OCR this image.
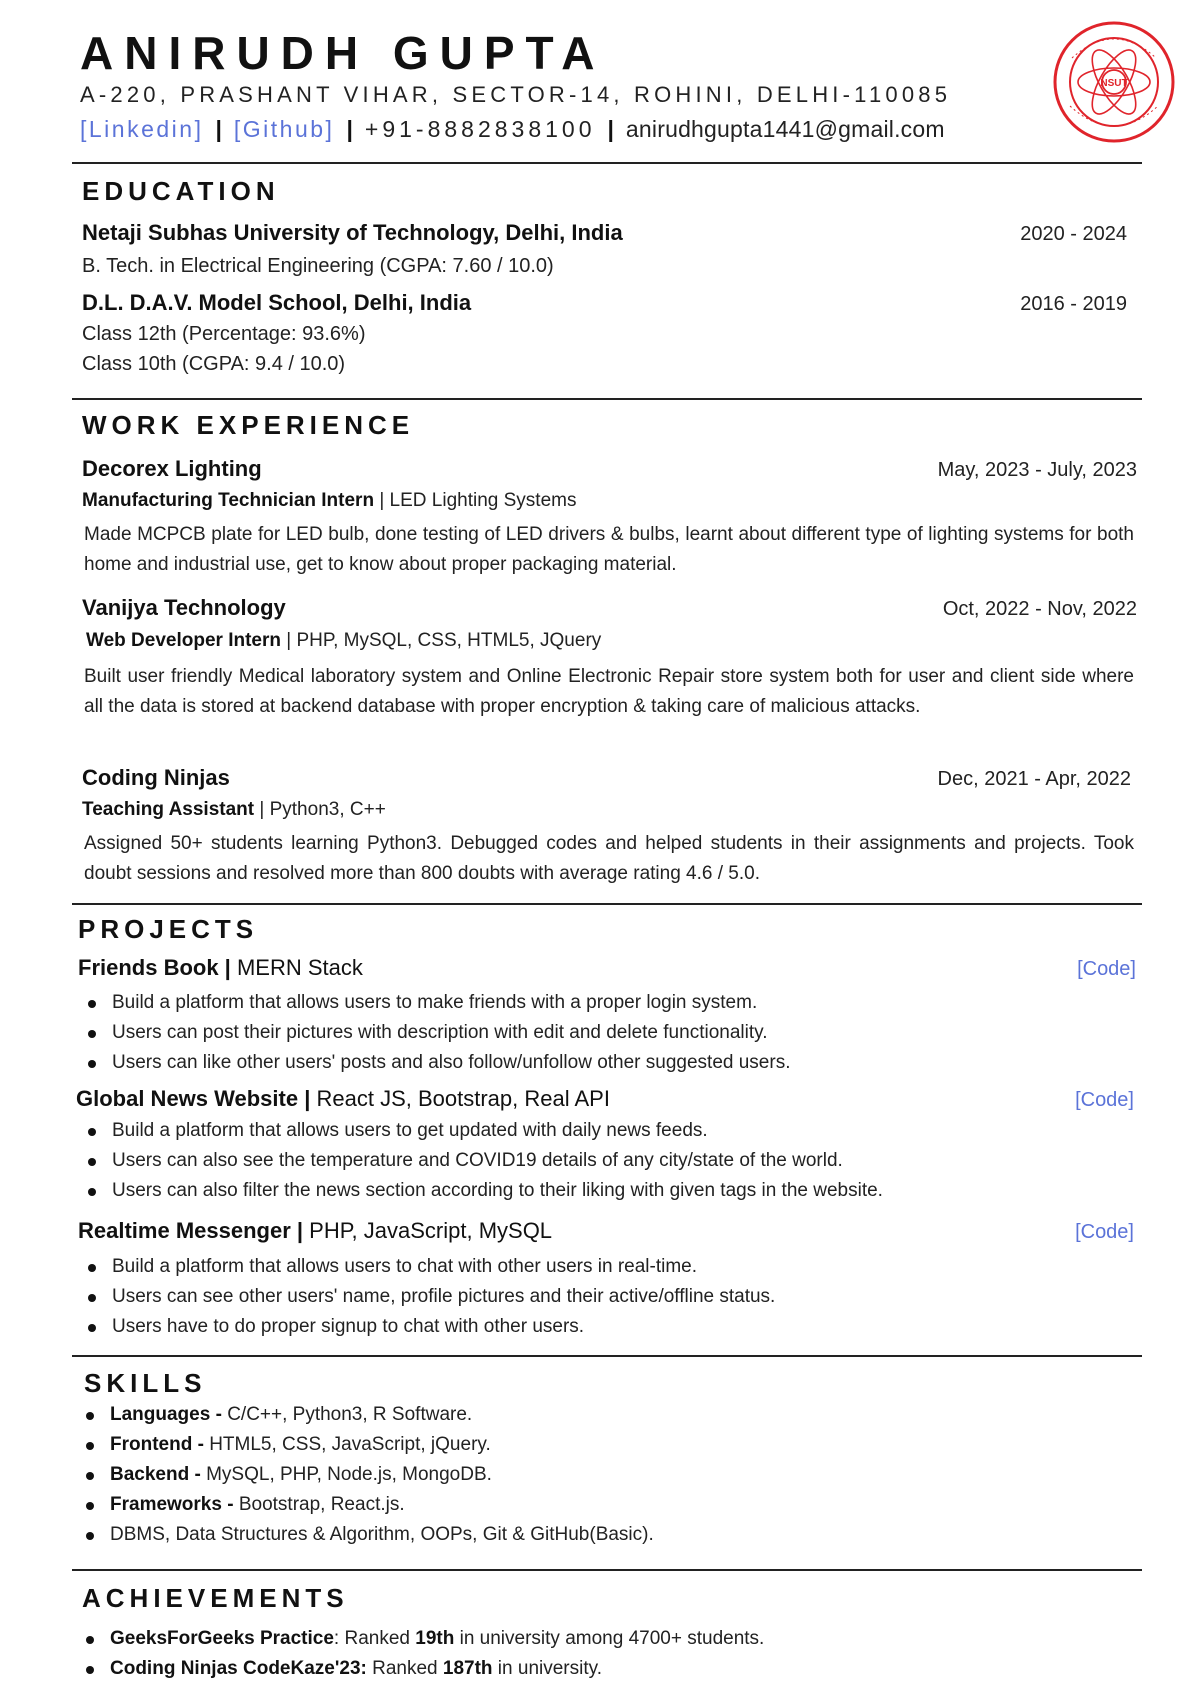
ANIRUDH GUPTA
A-220, PRASHANT VIHAR, SECTOR-14, ROHINI, DELHI-110085
[Linkedin] | [Github] | +91-8882838100 | anirudhgupta1441@gmail.com
NSUT
EDUCATION
Netaji Subhas University of Technology, Delhi, India	2020 - 2024
B. Tech. in Electrical Engineering (CGPA: 7.60 / 10.0)
D.L. D.A.V. Model School, Delhi, India	2016 - 2019
Class 12th (Percentage: 93.6%)
Class 10th (CGPA: 9.4 / 10.0)
WORK EXPERIENCE
Decorex Lighting	May, 2023 - July, 2023
Manufacturing Technician Intern | LED Lighting Systems
Made MCPCB plate for LED bulb, done testing of LED drivers & bulbs, learnt about different type of lighting systems for both home and industrial use, get to know about proper packaging material.
Vanijya Technology	Oct, 2022 - Nov, 2022
Web Developer Intern | PHP, MySQL, CSS, HTML5, JQuery
Built user friendly Medical laboratory system and Online Electronic Repair store system both for user and client side where all the data is stored at backend database with proper encryption & taking care of malicious attacks.
Coding Ninjas	Dec, 2021 - Apr, 2022
Teaching Assistant | Python3, C++
Assigned 50+ students learning Python3. Debugged codes and helped students in their assignments and projects. Took doubt sessions and resolved more than 800 doubts with average rating 4.6 / 5.0.
PROJECTS
Friends Book | MERN Stack	[Code]
Build a platform that allows users to make friends with a proper login system.
Users can post their pictures with description with edit and delete functionality.
Users can like other users' posts and also follow/unfollow other suggested users.
Global News Website | React JS, Bootstrap, Real API	[Code]
Build a platform that allows users to get updated with daily news feeds.
Users can also see the temperature and COVID19 details of any city/state of the world.
Users can also filter the news section according to their liking with given tags in the website.
Realtime Messenger | PHP, JavaScript, MySQL	[Code]
Build a platform that allows users to chat with other users in real-time.
Users can see other users' name, profile pictures and their active/offline status.
Users have to do proper signup to chat with other users.
SKILLS
Languages - C/C++, Python3, R Software.
Frontend - HTML5, CSS, JavaScript, jQuery.
Backend - MySQL, PHP, Node.js, MongoDB.
Frameworks - Bootstrap, React.js.
DBMS, Data Structures & Algorithm, OOPs, Git & GitHub(Basic).
ACHIEVEMENTS
GeeksForGeeks Practice: Ranked 19th in university among 4700+ students.
Coding Ninjas CodeKaze'23: Ranked 187th in university.
